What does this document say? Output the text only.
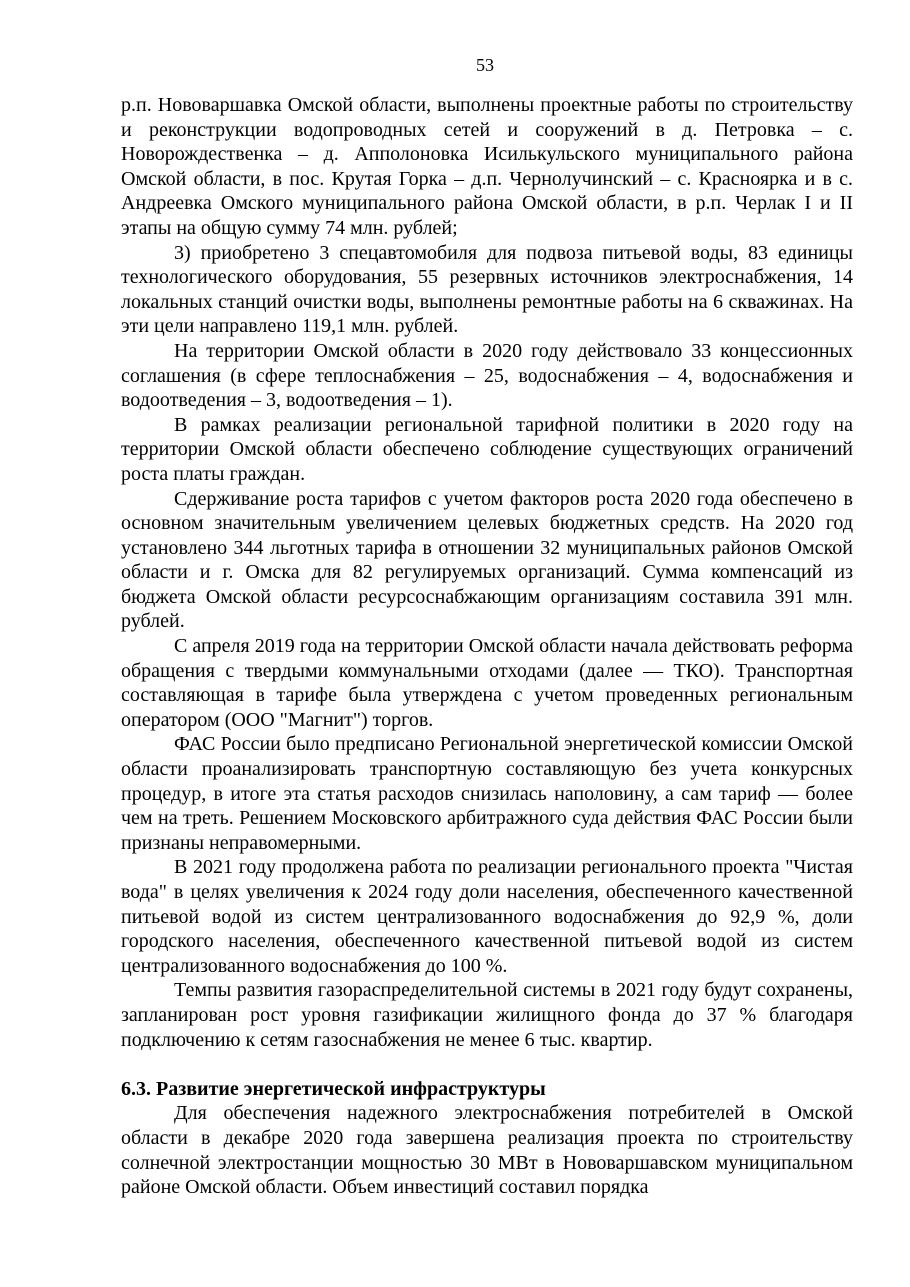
53

р.п. Нововаршавка Омской области, выполнены проектные работы по строительству и реконструкции водопроводных сетей и сооружений в д. Петровка – с. Новорождественка – д. Апполоновка Исилькульского муниципального района Омской области, в пос. Крутая Горка – д.п. Чернолучинский – с. Красноярка и в с. Андреевка Омского муниципального района Омской области, в р.п. Черлак I и II этапы на общую сумму 74 млн. рублей;

3) приобретено 3 спецавтомобиля для подвоза питьевой воды, 83 единицы технологического оборудования, 55 резервных источников электроснабжения, 14 локальных станций очистки воды, выполнены ремонтные работы на 6 скважинах. На эти цели направлено 119,1 млн. рублей.

На территории Омской области в 2020 году действовало 33 концессионных соглашения (в сфере теплоснабжения – 25, водоснабжения – 4, водоснабжения и водоотведения – 3, водоотведения – 1).

В рамках реализации региональной тарифной политики в 2020 году на территории Омской области обеспечено соблюдение существующих ограничений роста платы граждан.

Сдерживание роста тарифов с учетом факторов роста 2020 года обеспечено в основном значительным увеличением целевых бюджетных средств. На 2020 год установлено 344 льготных тарифа в отношении 32 муниципальных районов Омской области и г. Омска для 82 регулируемых организаций. Сумма компенсаций из бюджета Омской области ресурсоснабжающим организациям составила 391 млн. рублей.

С апреля 2019 года на территории Омской области начала действовать реформа обращения с твердыми коммунальными отходами (далее — ТКО). Транспортная составляющая в тарифе была утверждена с учетом проведенных региональным оператором (ООО "Магнит") торгов.

ФАС России было предписано Региональной энергетической комиссии Омской области проанализировать транспортную составляющую без учета конкурсных процедур, в итоге эта статья расходов снизилась наполовину, а сам тариф — более чем на треть. Решением Московского арбитражного суда действия ФАС России были признаны неправомерными.

В 2021 году продолжена работа по реализации регионального проекта "Чистая вода" в целях увеличения к 2024 году доли населения, обеспеченного качественной питьевой водой из систем централизованного водоснабжения до 92,9 %, доли городского населения, обеспеченного качественной питьевой водой из систем централизованного водоснабжения до 100 %.

Темпы развития газораспределительной системы в 2021 году будут сохранены, запланирован рост уровня газификации жилищного фонда до 37 % благодаря подключению к сетям газоснабжения не менее 6 тыс. квартир.

6.3. Развитие энергетической инфраструктуры

Для обеспечения надежного электроснабжения потребителей в Омской области в декабре 2020 года завершена реализация проекта по строительству солнечной электростанции мощностью 30 МВт в Нововаршавском муниципальном районе Омской области. Объем инвестиций составил порядка
